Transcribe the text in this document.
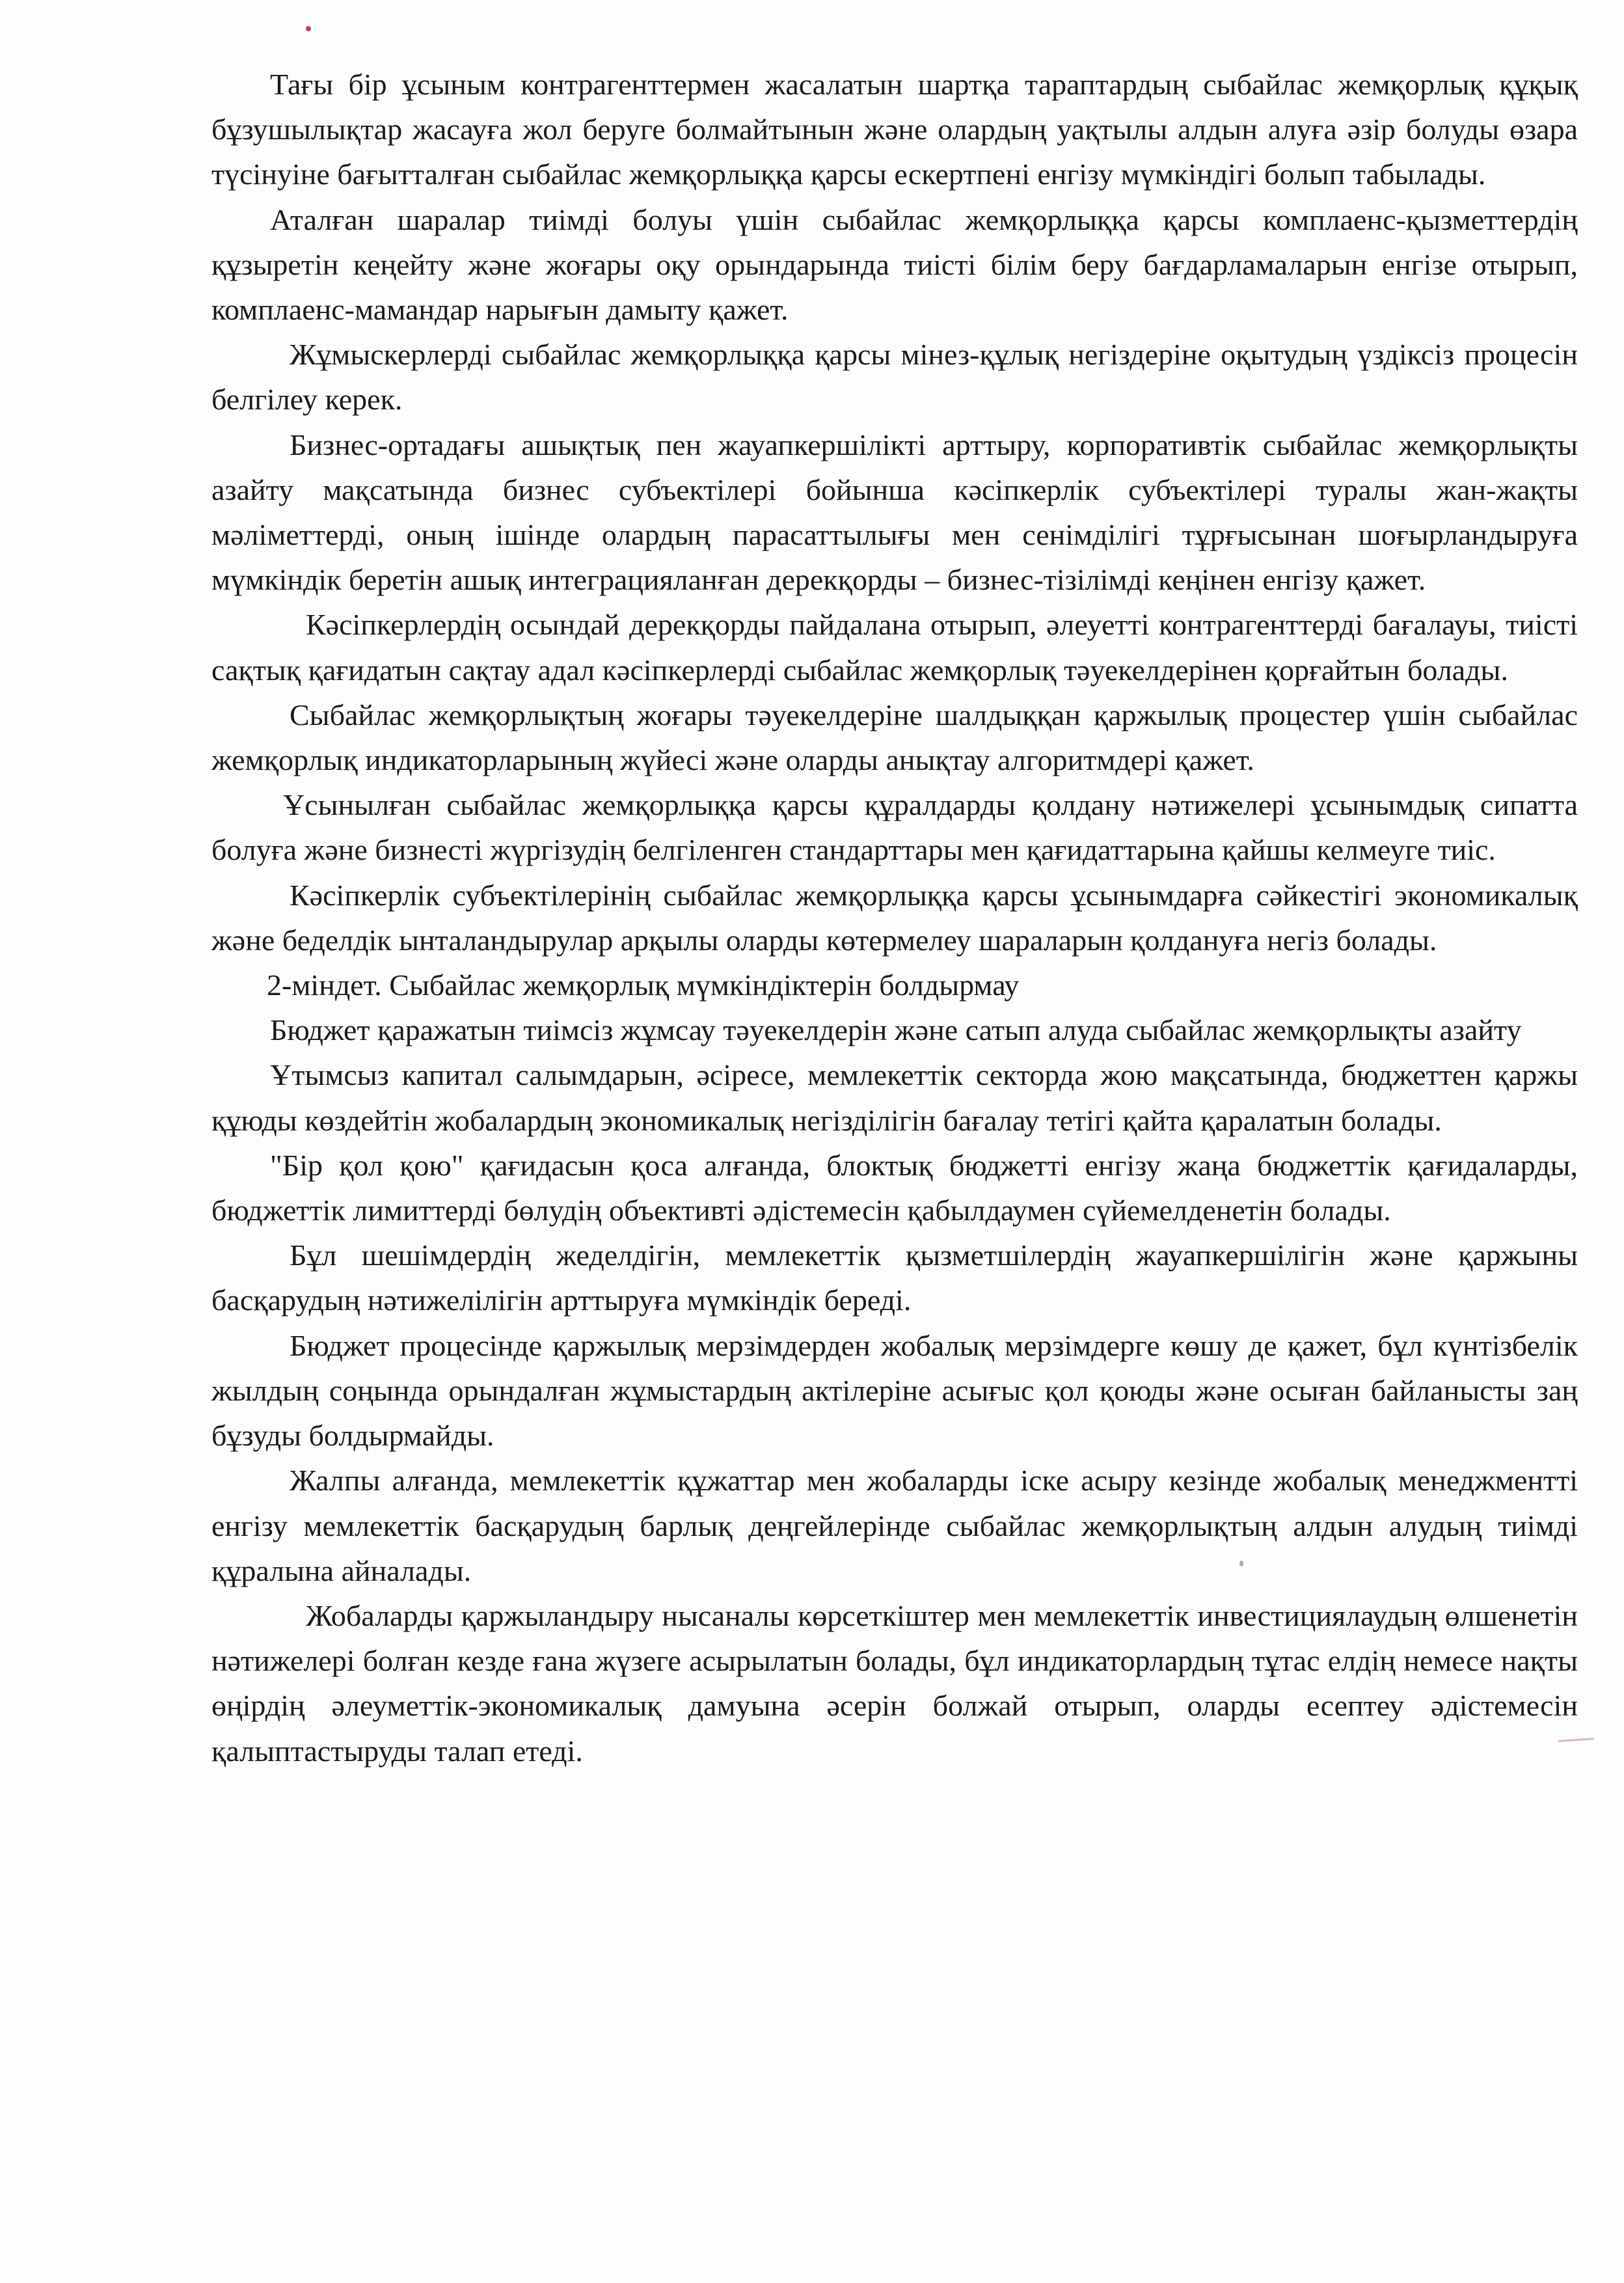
Тағы бір ұсыным контрагенттермен жасалатын шартқа тараптардың сыбайлас жемқорлық құқық бұзушылықтар жасауға жол беруге болмайтынын және олардың уақтылы алдын алуға әзір болуды өзара түсінуіне бағытталған сыбайлас жемқорлыққа қарсы ескертпені енгізу мүмкіндігі болып табылады.

Аталған шаралар тиімді болуы үшін сыбайлас жемқорлыққа қарсы комплаенс-қызметтердің құзыретін кеңейту және жоғары оқу орындарында тиісті білім беру бағдарламаларын енгізе отырып, комплаенс-мамандар нарығын дамыту қажет.

Жұмыскерлерді сыбайлас жемқорлыққа қарсы мінез-құлық негіздеріне оқытудың үздіксіз процесін белгілеу керек.

Бизнес-ортадағы ашықтық пен жауапкершілікті арттыру, корпоративтік сыбайлас жемқорлықты азайту мақсатында бизнес субъектілері бойынша кәсіпкерлік субъектілері туралы жан-жақты мәліметтерді, оның ішінде олардың парасаттылығы мен сенімділігі тұрғысынан шоғырландыруға мүмкіндік беретін ашық интеграцияланған дерекқорды – бизнес-тізілімді кеңінен енгізу қажет.

Кәсіпкерлердің осындай дерекқорды пайдалана отырып, әлеуетті контрагенттерді бағалауы, тиісті сақтық қағидатын сақтау адал кәсіпкерлерді сыбайлас жемқорлық тәуекелдерінен қорғайтын болады.

Сыбайлас жемқорлықтың жоғары тәуекелдеріне шалдыққан қаржылық процестер үшін сыбайлас жемқорлық индикаторларының жүйесі және оларды анықтау алгоритмдері қажет.

Ұсынылған сыбайлас жемқорлыққа қарсы құралдарды қолдану нәтижелері ұсынымдық сипатта болуға және бизнесті жүргізудің белгіленген стандарттары мен қағидаттарына қайшы келмеуге тиіс.

Кәсіпкерлік субъектілерінің сыбайлас жемқорлыққа қарсы ұсынымдарға сәйкестігі экономикалық және беделдік ынталандырулар арқылы оларды көтермелеу шараларын қолдануға негіз болады.

2-міндет. Сыбайлас жемқорлық мүмкіндіктерін болдырмау

Бюджет қаражатын тиімсіз жұмсау тәуекелдерін және сатып алуда сыбайлас жемқорлықты азайту

Ұтымсыз капитал салымдарын, әсіресе, мемлекеттік секторда жою мақсатында, бюджеттен қаржы құюды көздейтін жобалардың экономикалық негізділігін бағалау тетігі қайта қаралатын болады.

"Бір қол қою" қағидасын қоса алғанда, блоктық бюджетті енгізу жаңа бюджеттік қағидаларды, бюджеттік лимиттерді бөлудің объективті әдістемесін қабылдаумен сүйемелденетін болады.

Бұл шешімдердің жеделдігін, мемлекеттік қызметшілердің жауапкершілігін және қаржыны басқарудың нәтижелілігін арттыруға мүмкіндік береді.

Бюджет процесінде қаржылық мерзімдерден жобалық мерзімдерге көшу де қажет, бұл күнтізбелік жылдың соңында орындалған жұмыстардың актілеріне асығыс қол қоюды және осыған байланысты заң бұзуды болдырмайды.

Жалпы алғанда, мемлекеттік құжаттар мен жобаларды іске асыру кезінде жобалық менеджментті енгізу мемлекеттік басқарудың барлық деңгейлерінде сыбайлас жемқорлықтың алдын алудың тиімді құралына айналады.

Жобаларды қаржыландыру нысаналы көрсеткіштер мен мемлекеттік инвестициялаудың өлшенетін нәтижелері болған кезде ғана жүзеге асырылатын болады, бұл индикаторлардың тұтас елдің немесе нақты өңірдің әлеуметтік-экономикалық дамуына әсерін болжай отырып, оларды есептеу әдістемесін қалыптастыруды талап етеді.
